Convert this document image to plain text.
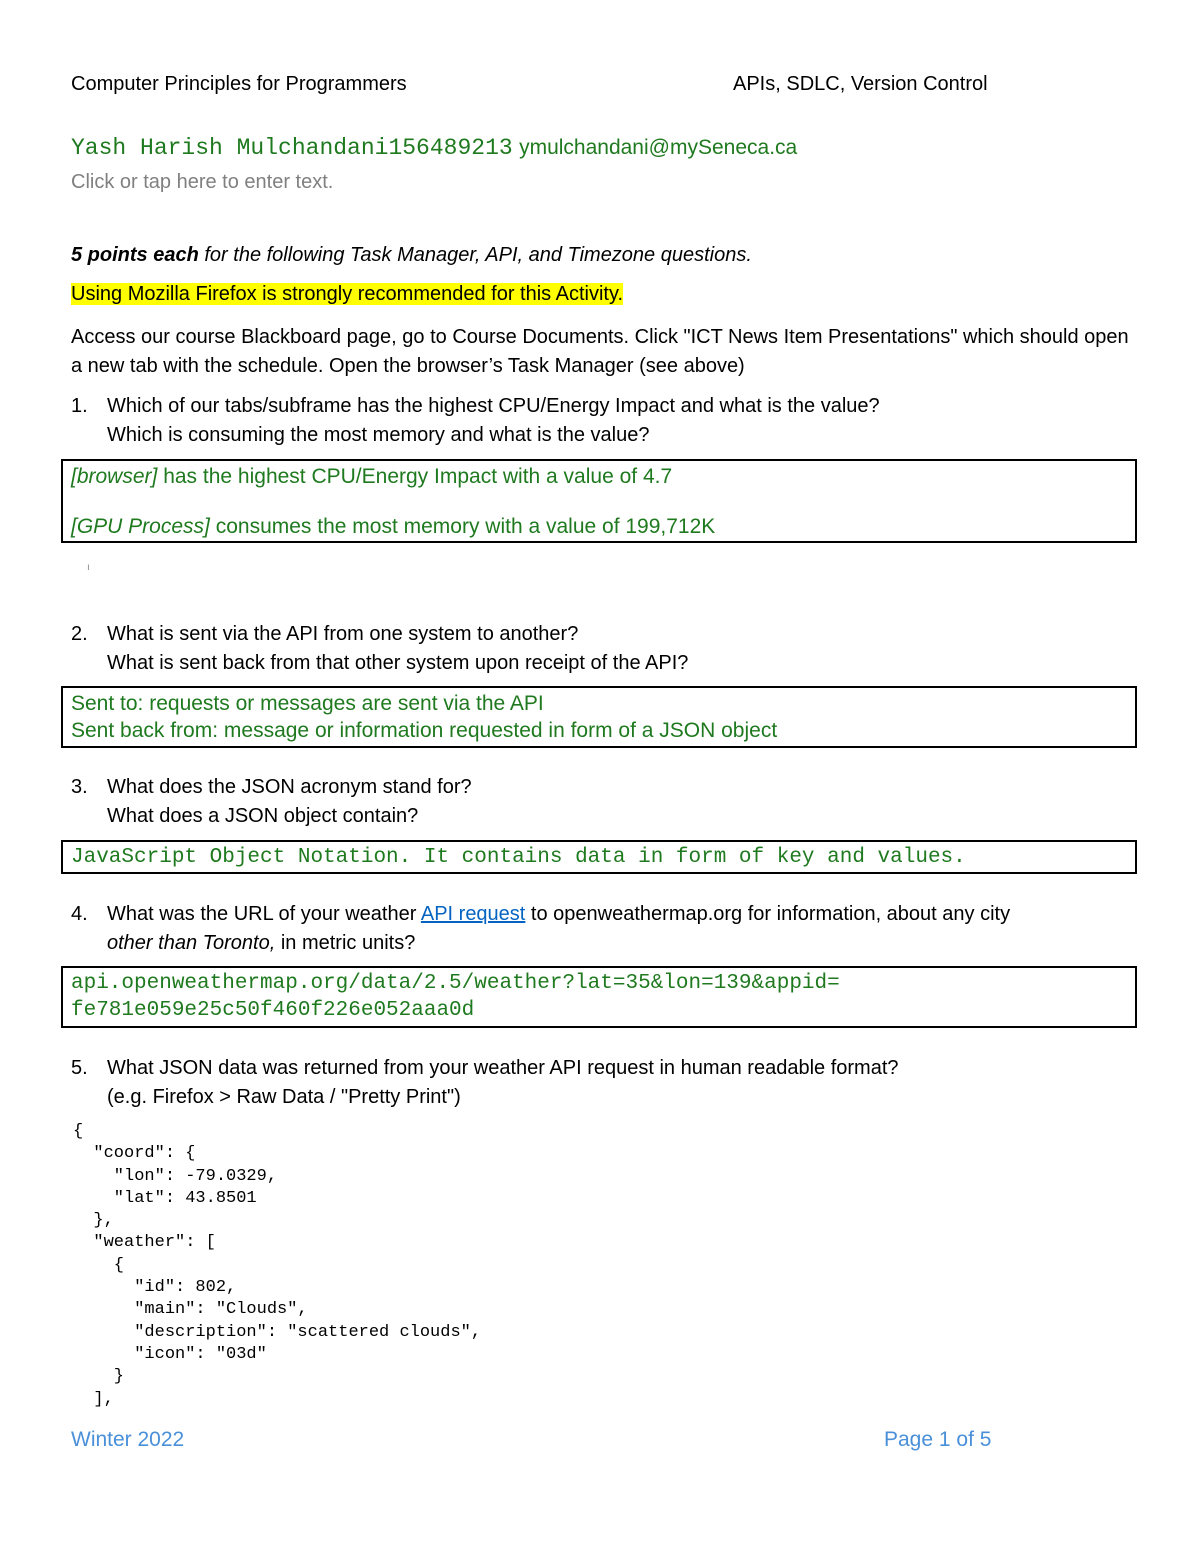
Computer Principles for Programmers	APIs, SDLC, Version Control
Yash Harish Mulchandani156489213 ymulchandani@mySeneca.ca
Click or tap here to enter text.
5 points each for the following Task Manager, API, and Timezone questions.
Using Mozilla Firefox is strongly recommended for this Activity.
Access our course Blackboard page, go to Course Documents. Click "ICT News Item Presentations" which should open a new tab with the schedule. Open the browser’s Task Manager (see above)
1. Which of our tabs/subframe has the highest CPU/Energy Impact and what is the value?
Which is consuming the most memory and what is the value?
[browser] has the highest CPU/Energy Impact with a value of 4.7
[GPU Process] consumes the most memory with a value of 199,712K
ı
2. What is sent via the API from one system to another?
What is sent back from that other system upon receipt of the API?
Sent to: requests or messages are sent via the API
Sent back from: message or information requested in form of a JSON object
3. What does the JSON acronym stand for?
What does a JSON object contain?
JavaScript Object Notation. It contains data in form of key and values.
4. What was the URL of your weather API request to openweathermap.org for information, about any city
other than Toronto, in metric units?
api.openweathermap.org/data/2.5/weather?lat=35&lon=139&appid=
fe781e059e25c50f460f226e052aaa0d
5. What JSON data was returned from your weather API request in human readable format?
(e.g. Firefox > Raw Data / "Pretty Print")
{
"coord": {
"lon": -79.0329,
"lat": 43.8501
},
"weather": [
{
"id": 802,
"main": "Clouds",
"description": "scattered clouds",
"icon": "03d"
}
],
Winter 2022	Page 1 of 5
